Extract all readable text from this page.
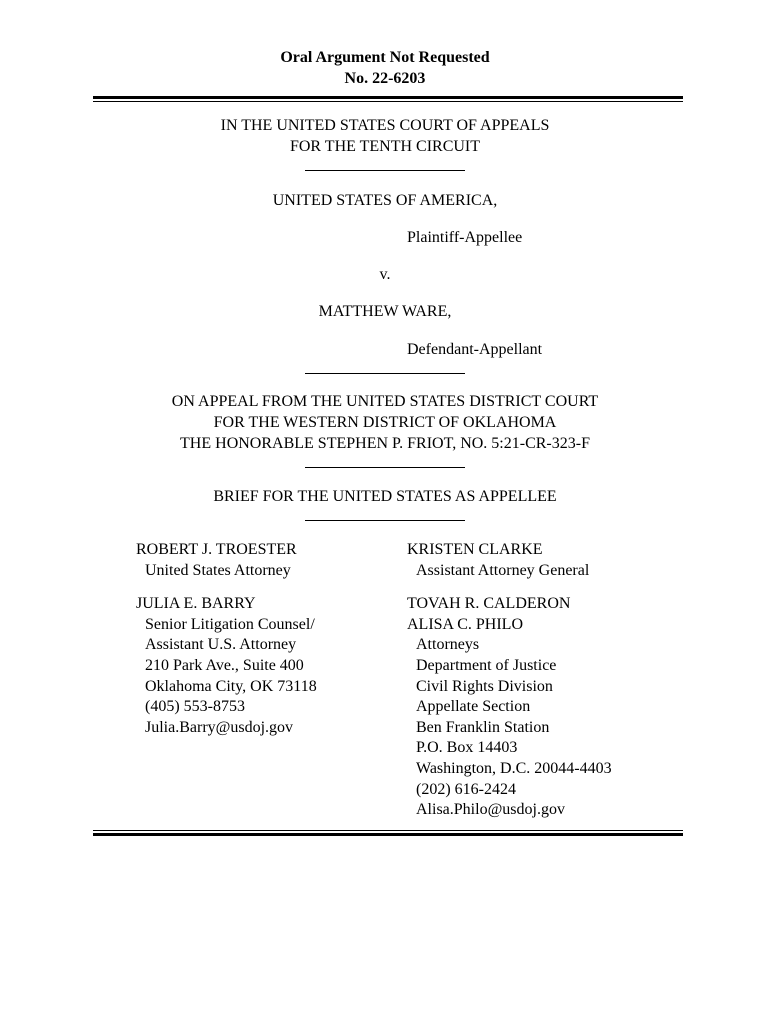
Oral Argument Not Requested
No. 22-6203
IN THE UNITED STATES COURT OF APPEALS
FOR THE TENTH CIRCUIT
UNITED STATES OF AMERICA,
Plaintiff-Appellee
v.
MATTHEW WARE,
Defendant-Appellant
ON APPEAL FROM THE UNITED STATES DISTRICT COURT
FOR THE WESTERN DISTRICT OF OKLAHOMA
THE HONORABLE STEPHEN P. FRIOT, NO. 5:21-CR-323-F
BRIEF FOR THE UNITED STATES AS APPELLEE
ROBERT J. TROESTER
United States Attorney
JULIA E. BARRY
Senior Litigation Counsel/
Assistant U.S. Attorney
210 Park Ave., Suite 400
Oklahoma City, OK 73118
(405) 553-8753
Julia.Barry@usdoj.gov
KRISTEN CLARKE
Assistant Attorney General
TOVAH R. CALDERON
ALISA C. PHILO
Attorneys
Department of Justice
Civil Rights Division
Appellate Section
Ben Franklin Station
P.O. Box 14403
Washington, D.C. 20044-4403
(202) 616-2424
Alisa.Philo@usdoj.gov
